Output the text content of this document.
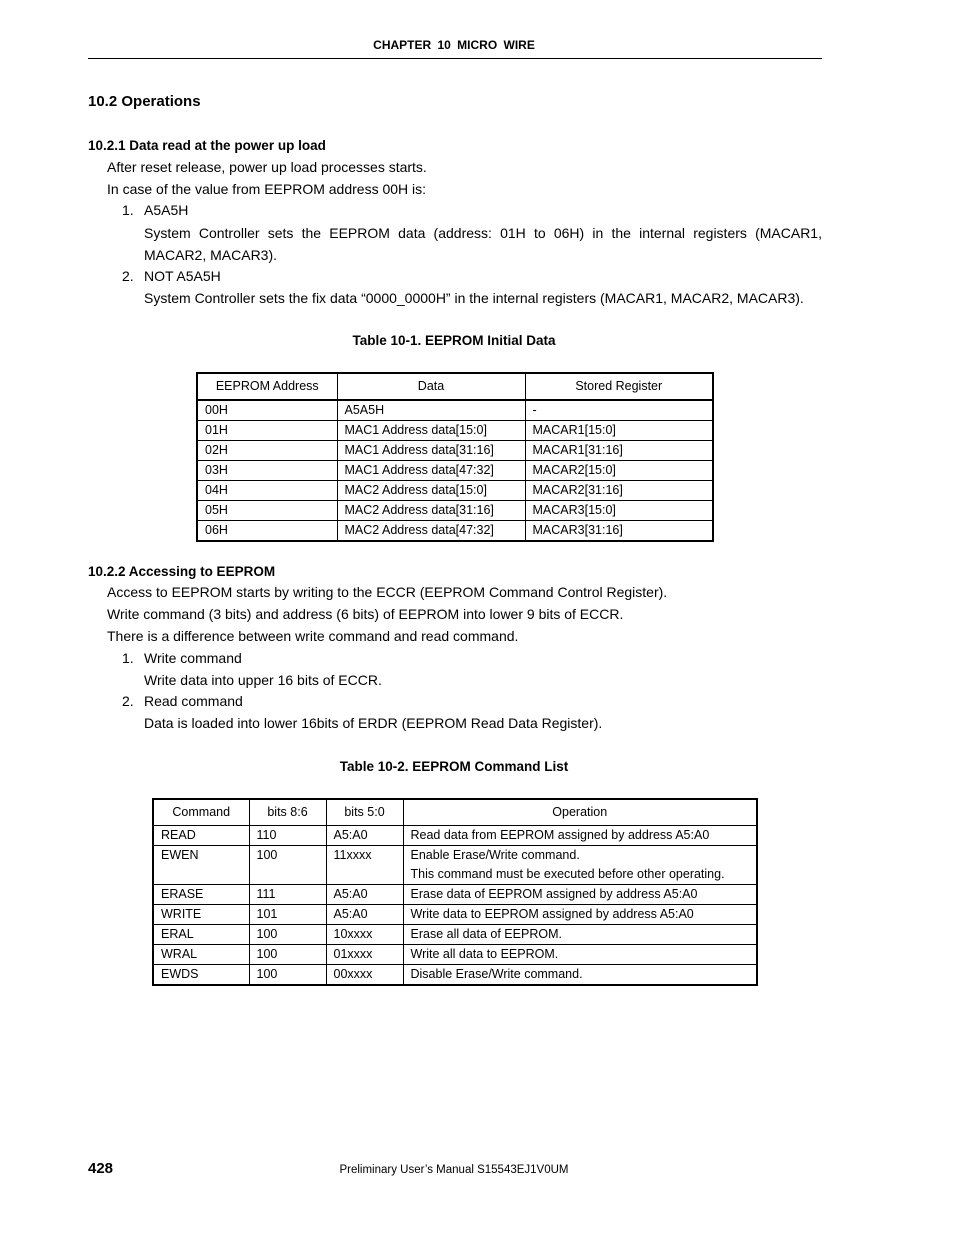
CHAPTER 10 MICRO WIRE
10.2 Operations
10.2.1 Data read at the power up load
After reset release, power up load processes starts.
In case of the value from EEPROM address 00H is:
1. A5A5H
System Controller sets the EEPROM data (address: 01H to 06H) in the internal registers (MACAR1, MACAR2, MACAR3).
2. NOT A5A5H
System Controller sets the fix data “0000_0000H” in the internal registers (MACAR1, MACAR2, MACAR3).
Table 10-1. EEPROM Initial Data
EEPROM Address	Data	Stored Register
00H	A5A5H	-
01H	MAC1 Address data[15:0]	MACAR1[15:0]
02H	MAC1 Address data[31:16]	MACAR1[31:16]
03H	MAC1 Address data[47:32]	MACAR2[15:0]
04H	MAC2 Address data[15:0]	MACAR2[31:16]
05H	MAC2 Address data[31:16]	MACAR3[15:0]
06H	MAC2 Address data[47:32]	MACAR3[31:16]
10.2.2 Accessing to EEPROM
Access to EEPROM starts by writing to the ECCR (EEPROM Command Control Register).
Write command (3 bits) and address (6 bits) of EEPROM into lower 9 bits of ECCR.
There is a difference between write command and read command.
1. Write command
Write data into upper 16 bits of ECCR.
2. Read command
Data is loaded into lower 16bits of ERDR (EEPROM Read Data Register).
Table 10-2. EEPROM Command List
Command	bits 8:6	bits 5:0	Operation
READ	110	A5:A0	Read data from EEPROM assigned by address A5:A0
EWEN	100	11xxxx	Enable Erase/Write command.
This command must be executed before other operating.

ERASE	111	A5:A0	Erase data of EEPROM assigned by address A5:A0
WRITE	101	A5:A0	Write data to EEPROM assigned by address A5:A0
ERAL	100	10xxxx	Erase all data of EEPROM.
WRAL	100	01xxxx	Write all data to EEPROM.
EWDS	100	00xxxx	Disable Erase/Write command.
428	Preliminary User’s Manual S15543EJ1V0UM
